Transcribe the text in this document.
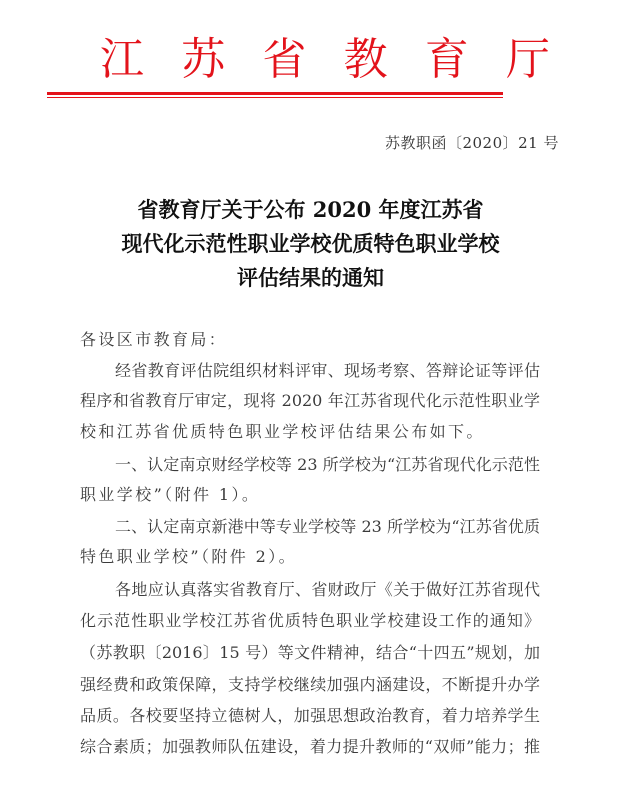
江 苏 省 教 育 厅
苏教职函〔2020〕21 号
省教育厅关于公布 2020 年度江苏省
现代化示范性职业学校优质特色职业学校
评估结果的通知
各设区市教育局：
经省教育评估院组织材料评审、现场考察、答辩论证等评估
程序和省教育厅审定，现将 2020 年江苏省现代化示范性职业学
校和江苏省优质特色职业学校评估结果公布如下。
一、认定南京财经学校等 23 所学校为“江苏省现代化示范性
职业学校”（附件 1）。
二、认定南京新港中等专业学校等 23 所学校为“江苏省优质
特色职业学校”（附件 2）。
各地应认真落实省教育厅、省财政厅《关于做好江苏省现代
化示范性职业学校江苏省优质特色职业学校建设工作的通知》
（苏教职〔2016〕15 号）等文件精神，结合“十四五”规划，加
强经费和政策保障，支持学校继续加强内涵建设，不断提升办学
品质。各校要坚持立德树人，加强思想政治教育，着力培养学生
综合素质；加强教师队伍建设，着力提升教师的“双师”能力；推
